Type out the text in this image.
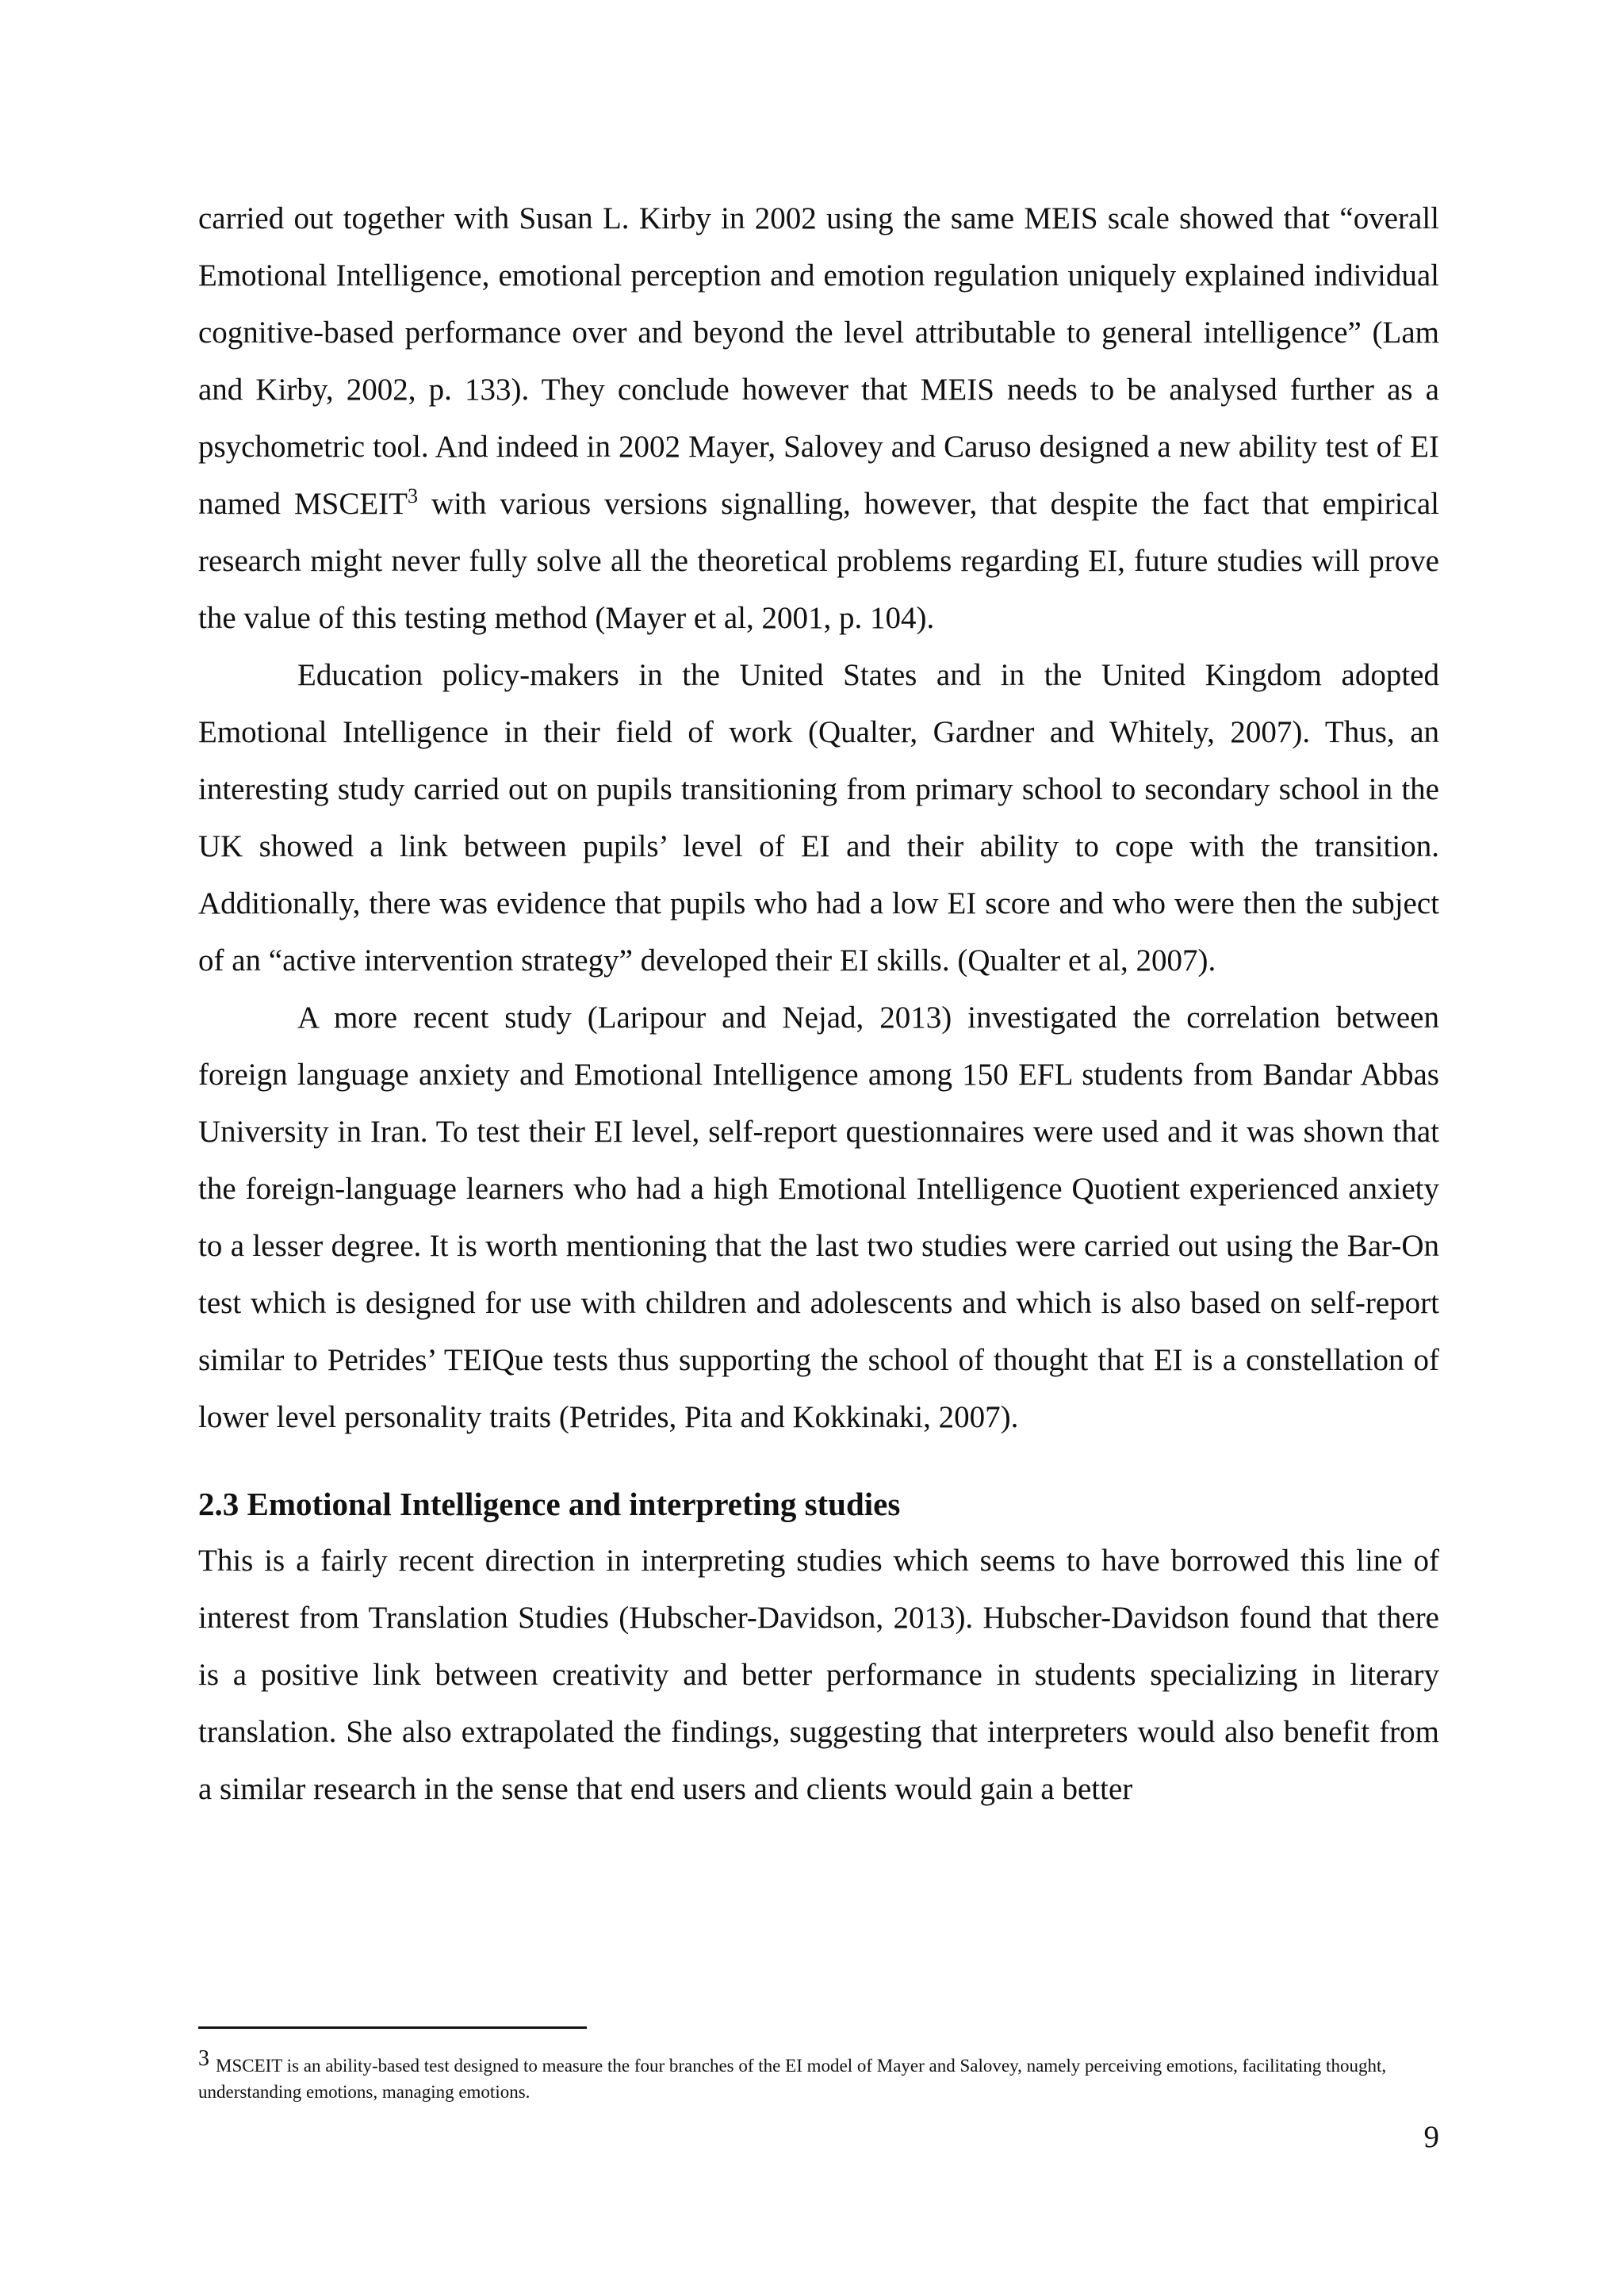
carried out together with Susan L. Kirby in 2002 using the same MEIS scale showed that “overall Emotional Intelligence, emotional perception and emotion regulation uniquely explained individual cognitive-based performance over and beyond the level attributable to general intelligence” (Lam and Kirby, 2002, p. 133). They conclude however that MEIS needs to be analysed further as a psychometric tool. And indeed in 2002 Mayer, Salovey and Caruso designed a new ability test of EI named MSCEIT$^3$ with various versions signalling, however, that despite the fact that empirical research might never fully solve all the theoretical problems regarding EI, future studies will prove the value of this testing method (Mayer et al, 2001, p. 104).

Education policy-makers in the United States and in the United Kingdom adopted Emotional Intelligence in their field of work (Qualter, Gardner and Whitely, 2007). Thus, an interesting study carried out on pupils transitioning from primary school to secondary school in the UK showed a link between pupils’ level of EI and their ability to cope with the transition. Additionally, there was evidence that pupils who had a low EI score and who were then the subject of an “active intervention strategy” developed their EI skills. (Qualter et al, 2007).

A more recent study (Laripour and Nejad, 2013) investigated the correlation between foreign language anxiety and Emotional Intelligence among 150 EFL students from Bandar Abbas University in Iran. To test their EI level, self-report questionnaires were used and it was shown that the foreign-language learners who had a high Emotional Intelligence Quotient experienced anxiety to a lesser degree. It is worth mentioning that the last two studies were carried out using the Bar-On test which is designed for use with children and adolescents and which is also based on self-report similar to Petrides’ TEIQue tests thus supporting the school of thought that EI is a constellation of lower level personality traits (Petrides, Pita and Kokkinaki, 2007).

2.3 Emotional Intelligence and interpreting studies

This is a fairly recent direction in interpreting studies which seems to have borrowed this line of interest from Translation Studies (Hubscher-Davidson, 2013). Hubscher-Davidson found that there is a positive link between creativity and better performance in students specializing in literary translation. She also extrapolated the findings, suggesting that interpreters would also benefit from a similar research in the sense that end users and clients would gain a better

3 MSCEIT is an ability-based test designed to measure the four branches of the EI model of Mayer and Salovey, namely perceiving emotions, facilitating thought, understanding emotions, managing emotions.
9
